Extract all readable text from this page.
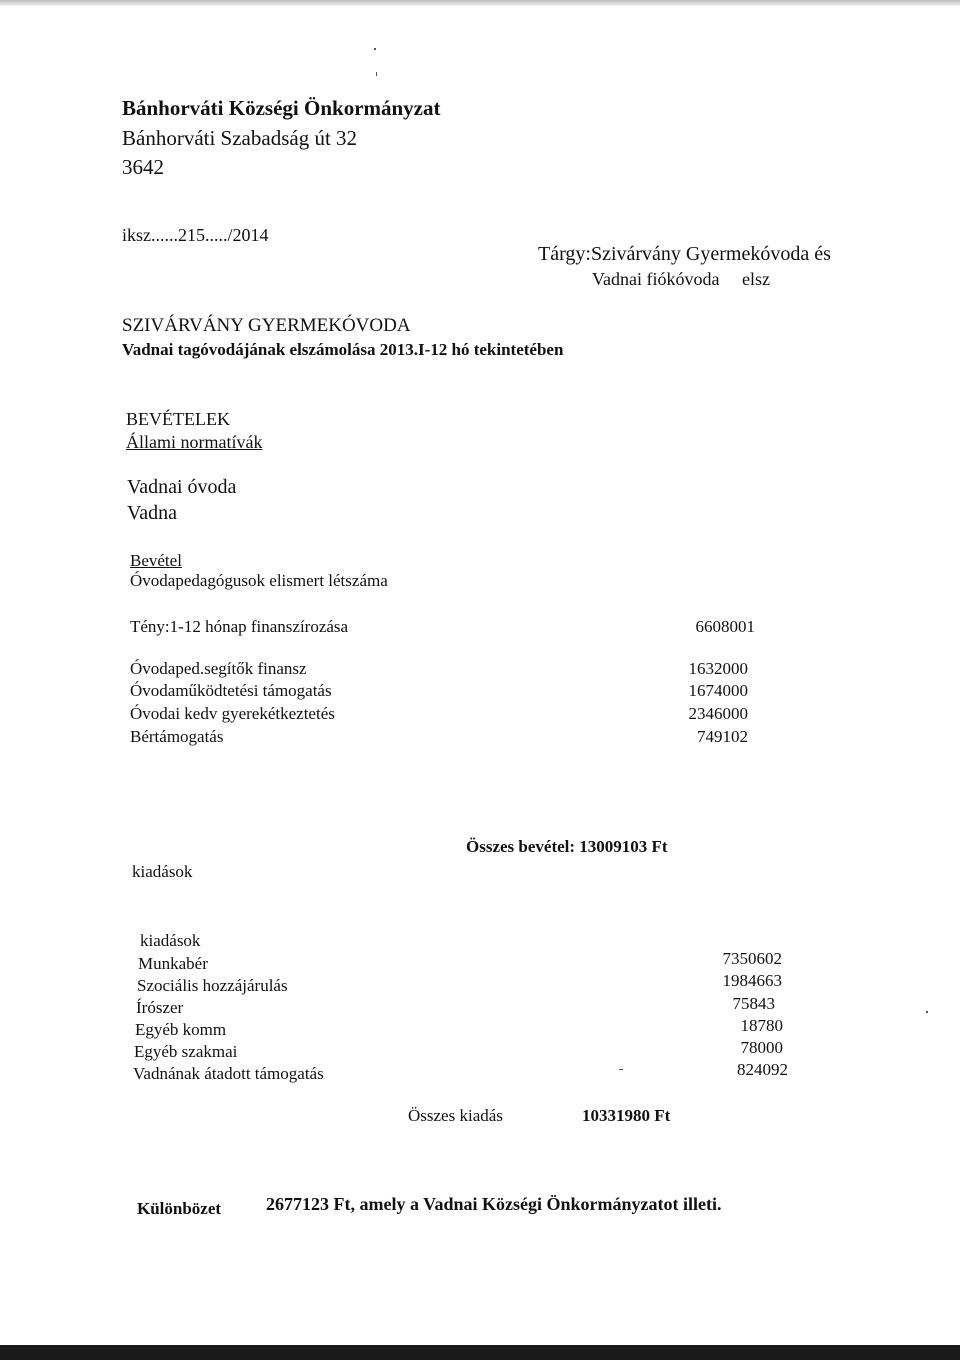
Bánhorváti Községi Önkormányzat
Bánhorváti Szabadság út 32
3642
iksz......215...../2014
Tárgy:Szivárvány Gyermekóvoda és
Vadnai fiókóvoda     elsz
SZIVÁRVÁNY GYERMEKÓVODA
Vadnai tagóvodájának elszámolása 2013.I-12 hó tekintetében
BEVÉTELEK
Állami normatívák
Vadnai óvoda
Vadna
Bevétel
Óvodapedagógusok elismert létszáma
Tény:1-12 hónap finanszírozása	6608001
Óvodaped.segítők finansz	1632000
Óvodaműködtetési támogatás	1674000
Óvodai kedv gyerekétkeztetés	2346000
Bértámogatás	749102
Összes bevétel: 13009103 Ft
kiadások
kiadások
Munkabér	7350602
Szociális hozzájárulás	1984663
Írószer	75843
Egyéb komm	18780
Egyéb szakmai	78000
Vadnának átadott támogatás	824092
Összes kiadás	10331980 Ft
Különbözet 2677123 Ft, amely a Vadnai Községi Önkormányzatot illeti.
